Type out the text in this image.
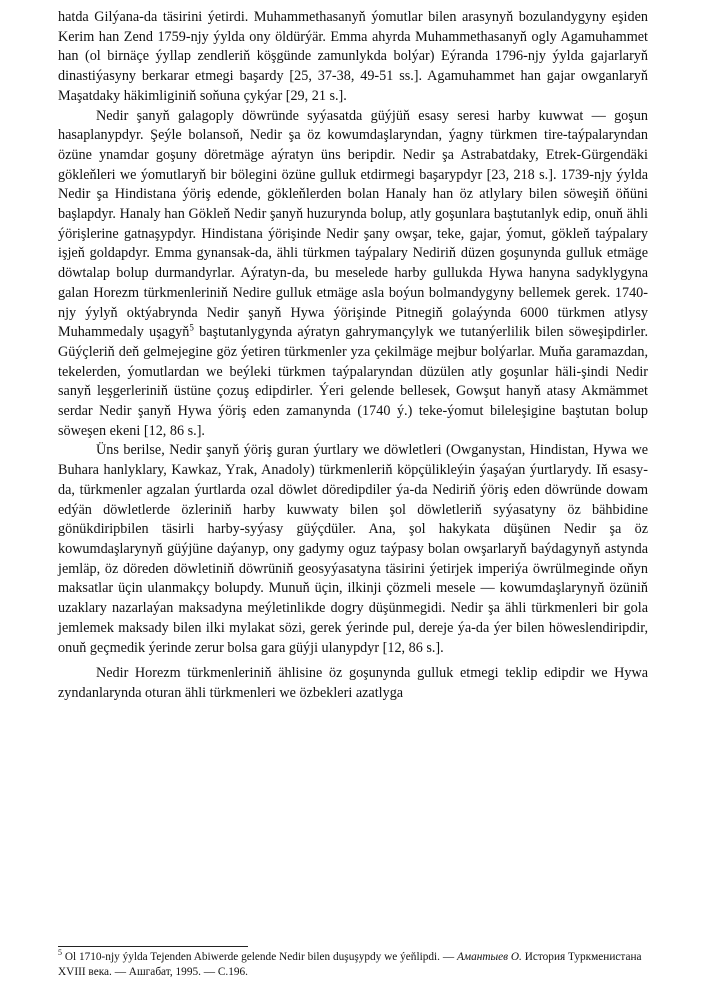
hatda Gilýana-da täsirini ýetirdi. Muhammethasanyň ýomutlar bilen arasynyň bozulandygyny eşiden Kerim han Zend 1759-njy ýylda ony öldürýär. Emma ahyrda Muhammethasanyň ogly Agamuhammet han (ol birnäçe ýyllap zendleriň köşgünde zamunlykda bolýar) Eýranda 1796-njy ýylda gajarlaryň dinastiýasyny berkarar etmegi başardy [25, 37-38, 49-51 ss.]. Agamuhammet han gajar owganlaryň Maşatdaky häkimliginiň soňuna çykýar [29, 21 s.].

Nedir şanyň galagoply döwründe syýasatda güýjüň esasy seresi harby kuwwat — goşun hasaplanypdyr. Şeýle bolansoň, Nedir şa öz kowumdaşlaryndan, ýagny türkmen tire-taýpalaryndan özüne ynamdar goşuny döretmäge aýratyn üns beripdir. Nedir şa Astrabatdaky, Etrek-Gürgendäki gökleňleri we ýomutlaryň bir bölegini özüne gulluk etdirmegi başarypdyr [23, 218 s.]. 1739-njy ýylda Nedir şa Hindistana ýöriş edende, gökleňlerden bolan Hanaly han öz atlylary bilen söweşiň öňüni başlapdyr. Hanaly han Gökleň Nedir şanyň huzurynda bolup, atly goşunlara baştutanlyk edip, onuň ähli ýörişlerine gatnaşypdyr. Hindistana ýörişinde Nedir şany owşar, teke, gajar, ýomut, gökleň taýpalary işjeň goldapdyr. Emma gynansak-da, ähli türkmen taýpalary Nediriň düzen goşunynda gulluk etmäge döwtalap bolup durmandyrlar. Aýratyn-da, bu meselede harby gullukda Hywa hanyna sadyklygyna galan Horezm türkmenleriniň Nedire gulluk etmäge asla boýun bolmandygyny bellemek gerek. 1740-njy ýylyň oktýabrynda Nedir şanyň Hywa ýörişinde Pitnegiň golaýynda 6000 türkmen atlysy Muhammedaly uşagyň$^5$ baştutanlygynda aýratyn gahrymançylyk we tutanýerlilik bilen söweşipdirler. Güýçleriň deň gelmejegine göz ýetiren türkmenler yza çekilmäge mejbur bolýarlar. Muňa garamazdan, tekelerden, ýomutlardan we beýleki türkmen taýpalaryndan düzülen atly goşunlar häli-şindi Nedir sanyň leşgerleriniň üstüne çozuş edipdirler. Ýeri gelende bellesek, Gowşut hanyň atasy Akmämmet serdar Nedir şanyň Hywa ýöriş eden zamanynda (1740 ý.) teke-ýomut bileleşigine baştutan bolup söweşen ekeni [12, 86 s.].

Üns berilse, Nedir şanyň ýöriş guran ýurtlary we döwletleri (Owganystan, Hindistan, Hywa we Buhara hanlyklary, Kawkaz, Yrak, Anadoly) türkmenleriň köpçülikleýin ýaşaýan ýurtlarydy. Iň esasy-da, türkmenler agzalan ýurtlarda ozal döwlet döredipdiler ýa-da Nediriň ýöriş eden döwründe dowam edýän döwletlerde özleriniň harby kuwwaty bilen şol döwletleriň syýasatyny öz bähbidine gönükdiripbilen täsirli harby-syýasy güýçdüler. Ana, şol hakykata düşünen Nedir şa öz kowumdaşlarynyň güýjüne daýanyp, ony gadymy oguz taýpasy bolan owşarlaryň baýdagynyň astynda jemläp, öz döreden döwletiniň döwrüniň geosyýasatyna täsirini ýetirjek imperiýa öwrülmeginde oňyn maksatlar üçin ulanmakçy bolupdy. Munuň üçin, ilkinji çözmeli mesele — kowumdaşlarynyň özüniň uzaklary nazarlaýan maksadyna meýletinlikde dogry düşünmegidi. Nedir şa ähli türkmenleri bir gola jemlemek maksady bilen ilki mylakat sözi, gerek ýerinde pul, dereje ýa-da ýer bilen höweslendiripdir, onuň geçmedik ýerinde zerur bolsa gara güýji ulanypdyr [12, 86 s.].

Nedir Horezm türkmenleriniň ählisine öz goşunynda gulluk etmegi teklip edipdir we Hywa zyndanlarynda oturan ähli türkmenleri we özbekleri azatlyga

$^5$ Ol 1710-njy ýylda Tejenden Abiwerde gelende Nedir bilen duşuşypdy we ýeňlipdi. — Амантыев О. История Туркменистана XVIII века. — Ашгабат, 1995. — С.196.
